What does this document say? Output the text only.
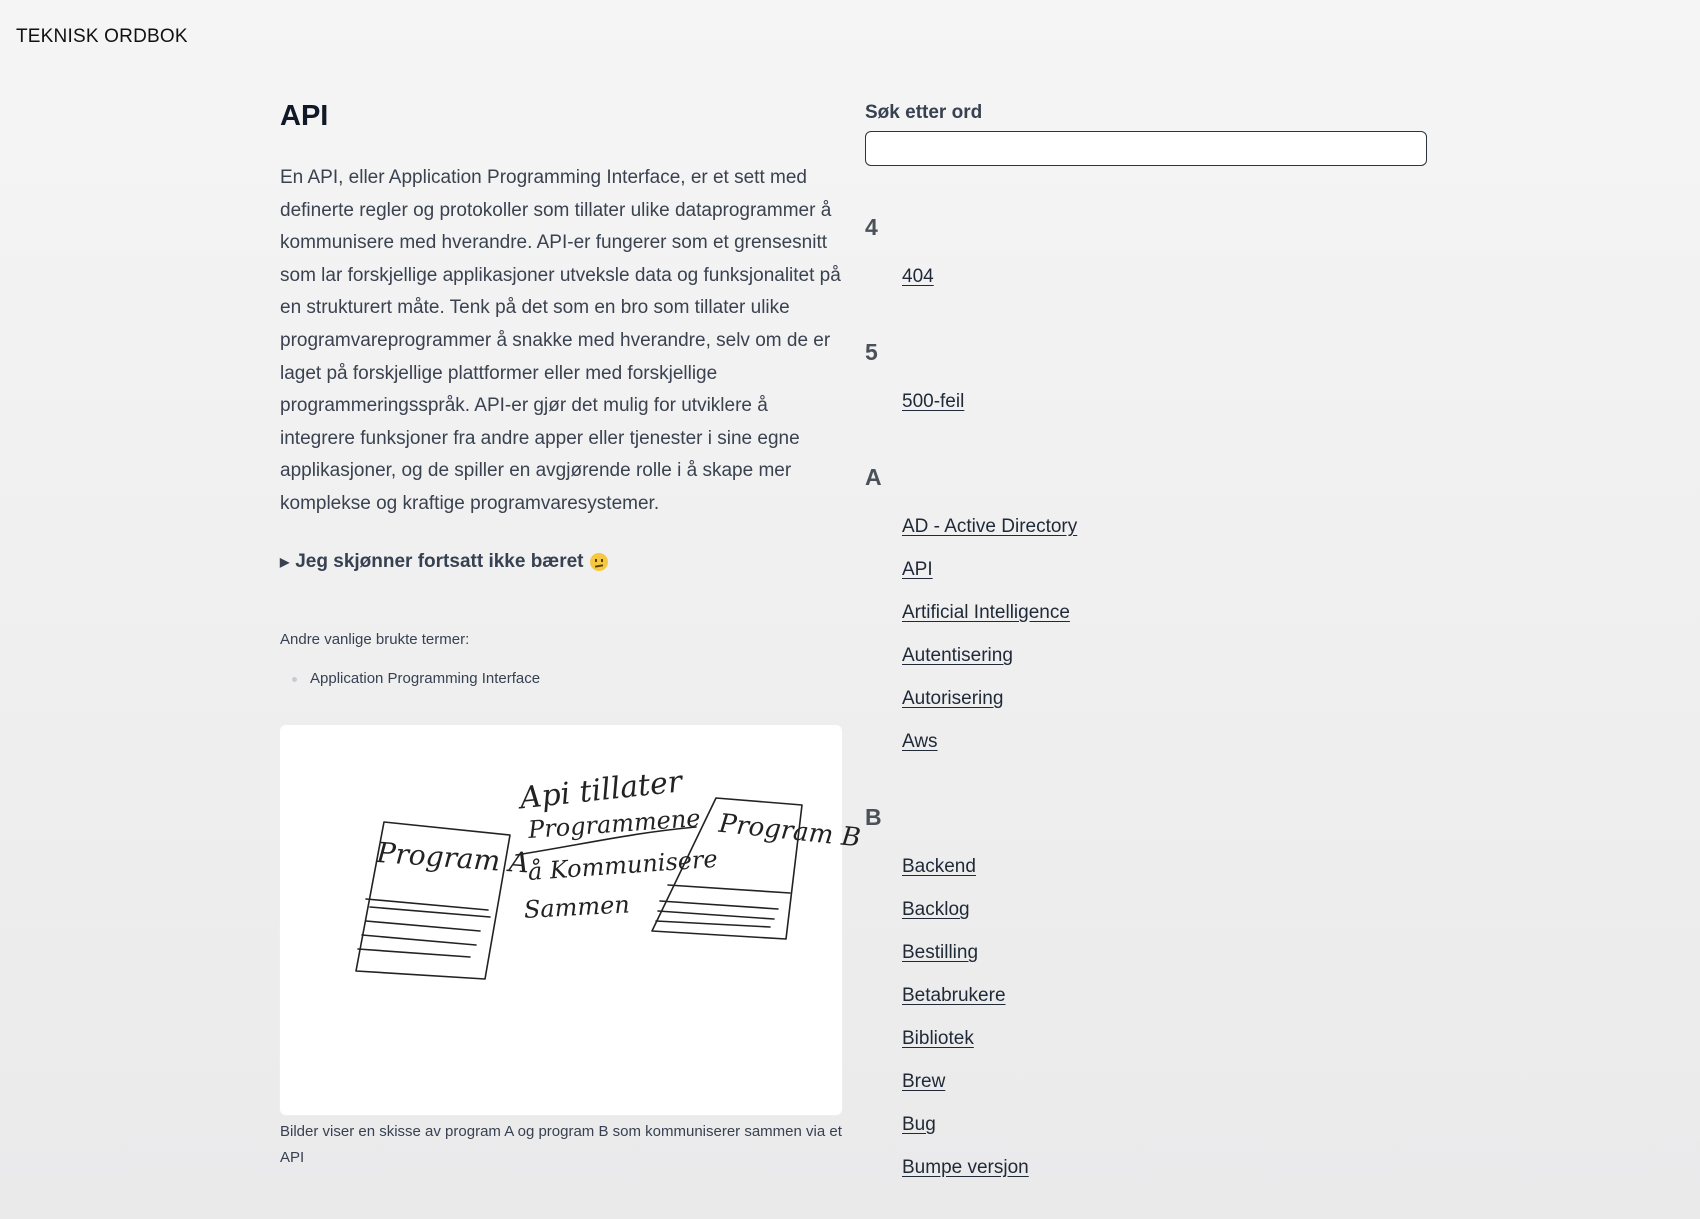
TEKNISK ORDBOK
API

En API, eller Application Programming Interface, er et sett med definerte regler og protokoller som tillater ulike dataprogrammer å kommunisere med hverandre. API-er fungerer som et grensesnitt som lar forskjellige applikasjoner utveksle data og funksjonalitet på en strukturert måte. Tenk på det som en bro som tillater ulike programvareprogrammer å snakke med hverandre, selv om de er laget på forskjellige plattformer eller med forskjellige programmeringsspråk. API-er gjør det mulig for utviklere å integrere funksjoner fra andre apper eller tjenester i sine egne applikasjoner, og de spiller en avgjørende rolle i å skape mer komplekse og kraftige programvaresystemer.

▶ Jeg skjønner fortsatt ikke bæret
Andre vanlige brukte termer:
Application Programming Interface
Program A
Program B
Api tillater
Programmene
å Kommunisere
Sammen
Bilder viser en skisse av program A og program B som kommuniserer sammen via et API
Søk etter ord
4
404
5
500-feil
A
AD - Active Directory
API
Artificial Intelligence
Autentisering
Autorisering
Aws
B
Backend
Backlog
Bestilling
Betabrukere
Bibliotek
Brew
Bug
Bumpe versjon
